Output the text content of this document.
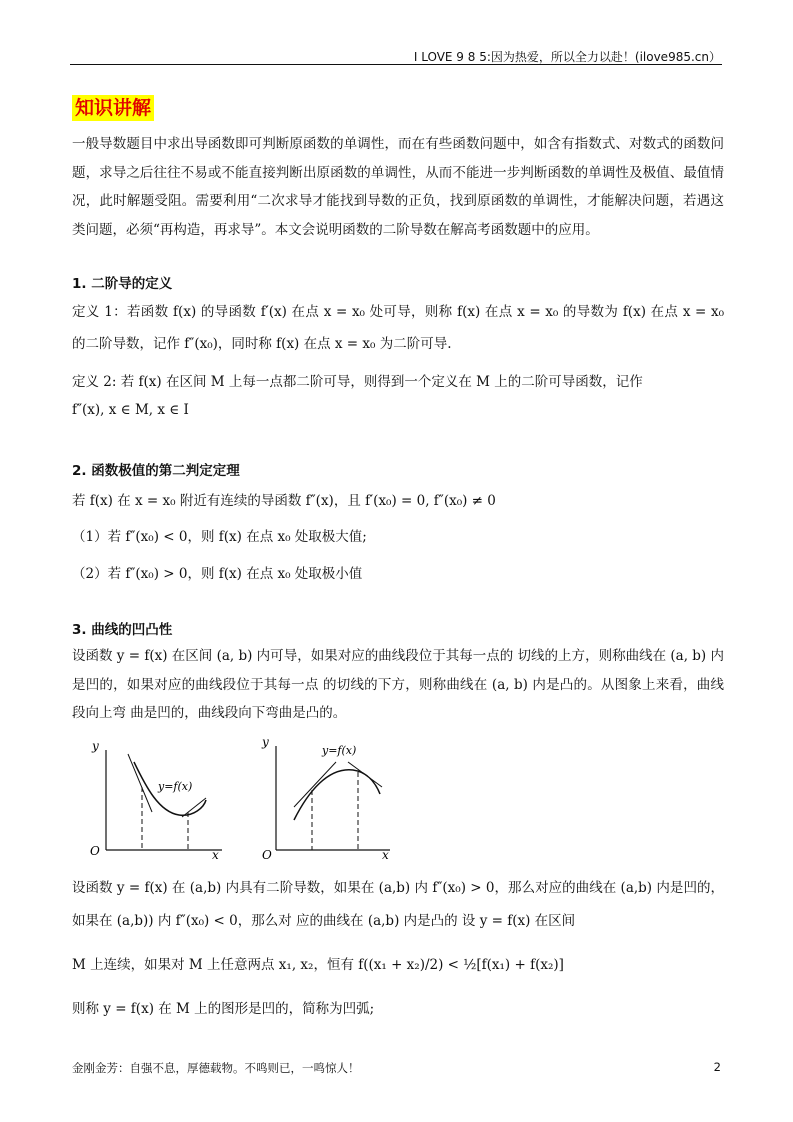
I LOVE 9 8 5:因为热爱，所以全力以赴！(ilove985.cn）
知识讲解
一般导数题目中求出导函数即可判断原函数的单调性，而在有些函数问题中，如含有指数式、对数式的函数问题，求导之后往往不易或不能直接判断出原函数的单调性，从而不能进一步判断函数的单调性及极值、最值情况，此时解题受阻。需要利用“二次求导才能找到导数的正负，找到原函数的单调性，才能解决问题，若遇这类问题，必须“再构造，再求导”。本文会说明函数的二阶导数在解高考函数题中的应用。
1. 二阶导的定义
定义 1：若函数 f(x) 的导函数 f′(x) 在点 x = x₀ 处可导，则称 f(x) 在点 x = x₀ 的导数为 f(x) 在点 x = x₀ 的二阶导数，记作 f″(x₀)，同时称 f(x) 在点 x = x₀ 为二阶可导.
定义 2: 若 f(x) 在区间 M 上每一点都二阶可导，则得到一个定义在 M 上的二阶可导函数，记作
f″(x), x ∈ M, x ∈ I
2. 函数极值的第二判定定理
若 f(x) 在 x = x₀ 附近有连续的导函数 f″(x)，且 f′(x₀) = 0, f″(x₀) ≠ 0
（1）若 f″(x₀) < 0，则 f(x) 在点 x₀ 处取极大值;
（2）若 f″(x₀) > 0，则 f(x) 在点 x₀ 处取极小值
3. 曲线的凹凸性
设函数 y = f(x) 在区间 (a, b) 内可导，如果对应的曲线段位于其每一点的 切线的上方，则称曲线在 (a, b) 内是凹的，如果对应的曲线段位于其每一点 的切线的下方，则称曲线在 (a, b) 内是凸的。从图象上来看，曲线段向上弯 曲是凹的，曲线段向下弯曲是凸的。
y
x
O
y=f(x)
y
x
O
y=f(x)
设函数 y = f(x) 在 (a,b) 内具有二阶导数，如果在 (a,b) 内 f″(x₀) > 0，那么对应的曲线在 (a,b) 内是凹的，如果在 (a,b)) 内 f″(x₀) < 0，那么对 应的曲线在 (a,b) 内是凸的 设 y = f(x) 在区间
M 上连续，如果对 M 上任意两点 x₁, x₂，恒有 f((x₁ + x₂)/2) < ½[f(x₁) + f(x₂)]
则称 y = f(x) 在 M 上的图形是凹的，简称为凹弧;
金刚金芳：自强不息，厚德载物。不鸣则已，一鸣惊人！	2
